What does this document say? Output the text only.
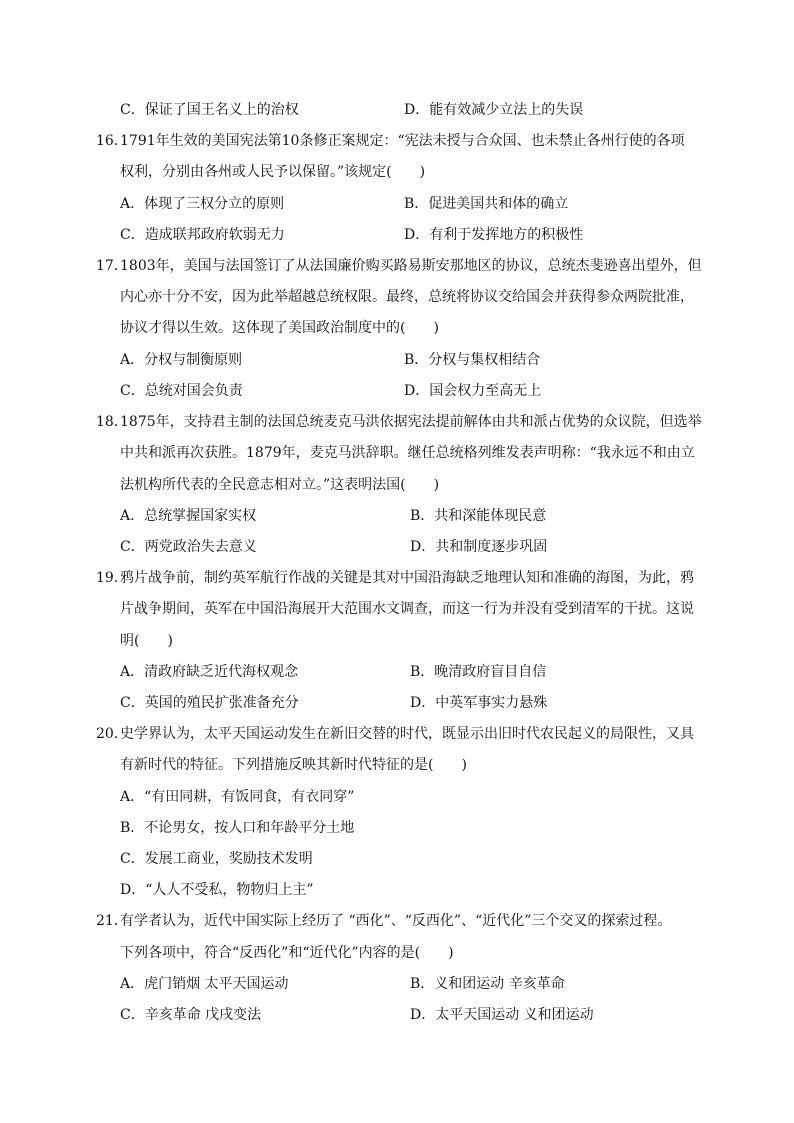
C．保证了国王名义上的治权	D．能有效减少立法上的失误
16．
1791年生效的美国宪法第10条修正案规定：“宪法未授与合众国、也未禁止各州行使的各项
权利，分别由各州或人民予以保留。”该规定(　　)
A．体现了三权分立的原则	B．促进美国共和体的确立
C．造成联邦政府软弱无力	D．有利于发挥地方的积极性
17．
1803年，美国与法国签订了从法国廉价购买路易斯安那地区的协议，总统杰斐逊喜出望外，但
内心亦十分不安，因为此举超越总统权限。最终，总统将协议交给国会并获得参众两院批准，
协议才得以生效。这体现了美国政治制度中的(　　)
A．分权与制衡原则	B．分权与集权相结合
C．总统对国会负责	D．国会权力至高无上
18．
1875年，支持君主制的法国总统麦克马洪依据宪法提前解体由共和派占优势的众议院，但选举
中共和派再次获胜。1879年，麦克马洪辞职。继任总统格列维发表声明称：“我永远不和由立
法机构所代表的全民意志相对立。”这表明法国(　　)
A．总统掌握国家实权	B．共和深能体现民意
C．两党政治失去意义	D．共和制度逐步巩固
19．
鸦片战争前，制约英军航行作战的关键是其对中国沿海缺乏地理认知和准确的海图，为此，鸦
片战争期间，英军在中国沿海展开大范围水文调查，而这一行为并没有受到清军的干扰。这说
明(　　)
A．清政府缺乏近代海权观念	B．晚清政府盲目自信
C．英国的殖民扩张准备充分	D．中英军事实力悬殊
20．
史学界认为，太平天国运动发生在新旧交替的时代，既显示出旧时代农民起义的局限性，又具
有新时代的特征。下列措施反映其新时代特征的是(　　)
A．“有田同耕，有饭同食，有衣同穿”
B．不论男女，按人口和年龄平分土地
C．发展工商业，奖励技术发明
D．“人人不受私，物物归上主”
21．
有学者认为，近代中国实际上经历了 “西化”、“反西化”、“近代化”三个交叉的探索过程。
下列各项中，符合“反西化”和“近代化”内容的是(　　)
A．虎门销烟 太平天国运动	B．义和团运动 辛亥革命
C．辛亥革命 戊戌变法	D．太平天国运动 义和团运动
